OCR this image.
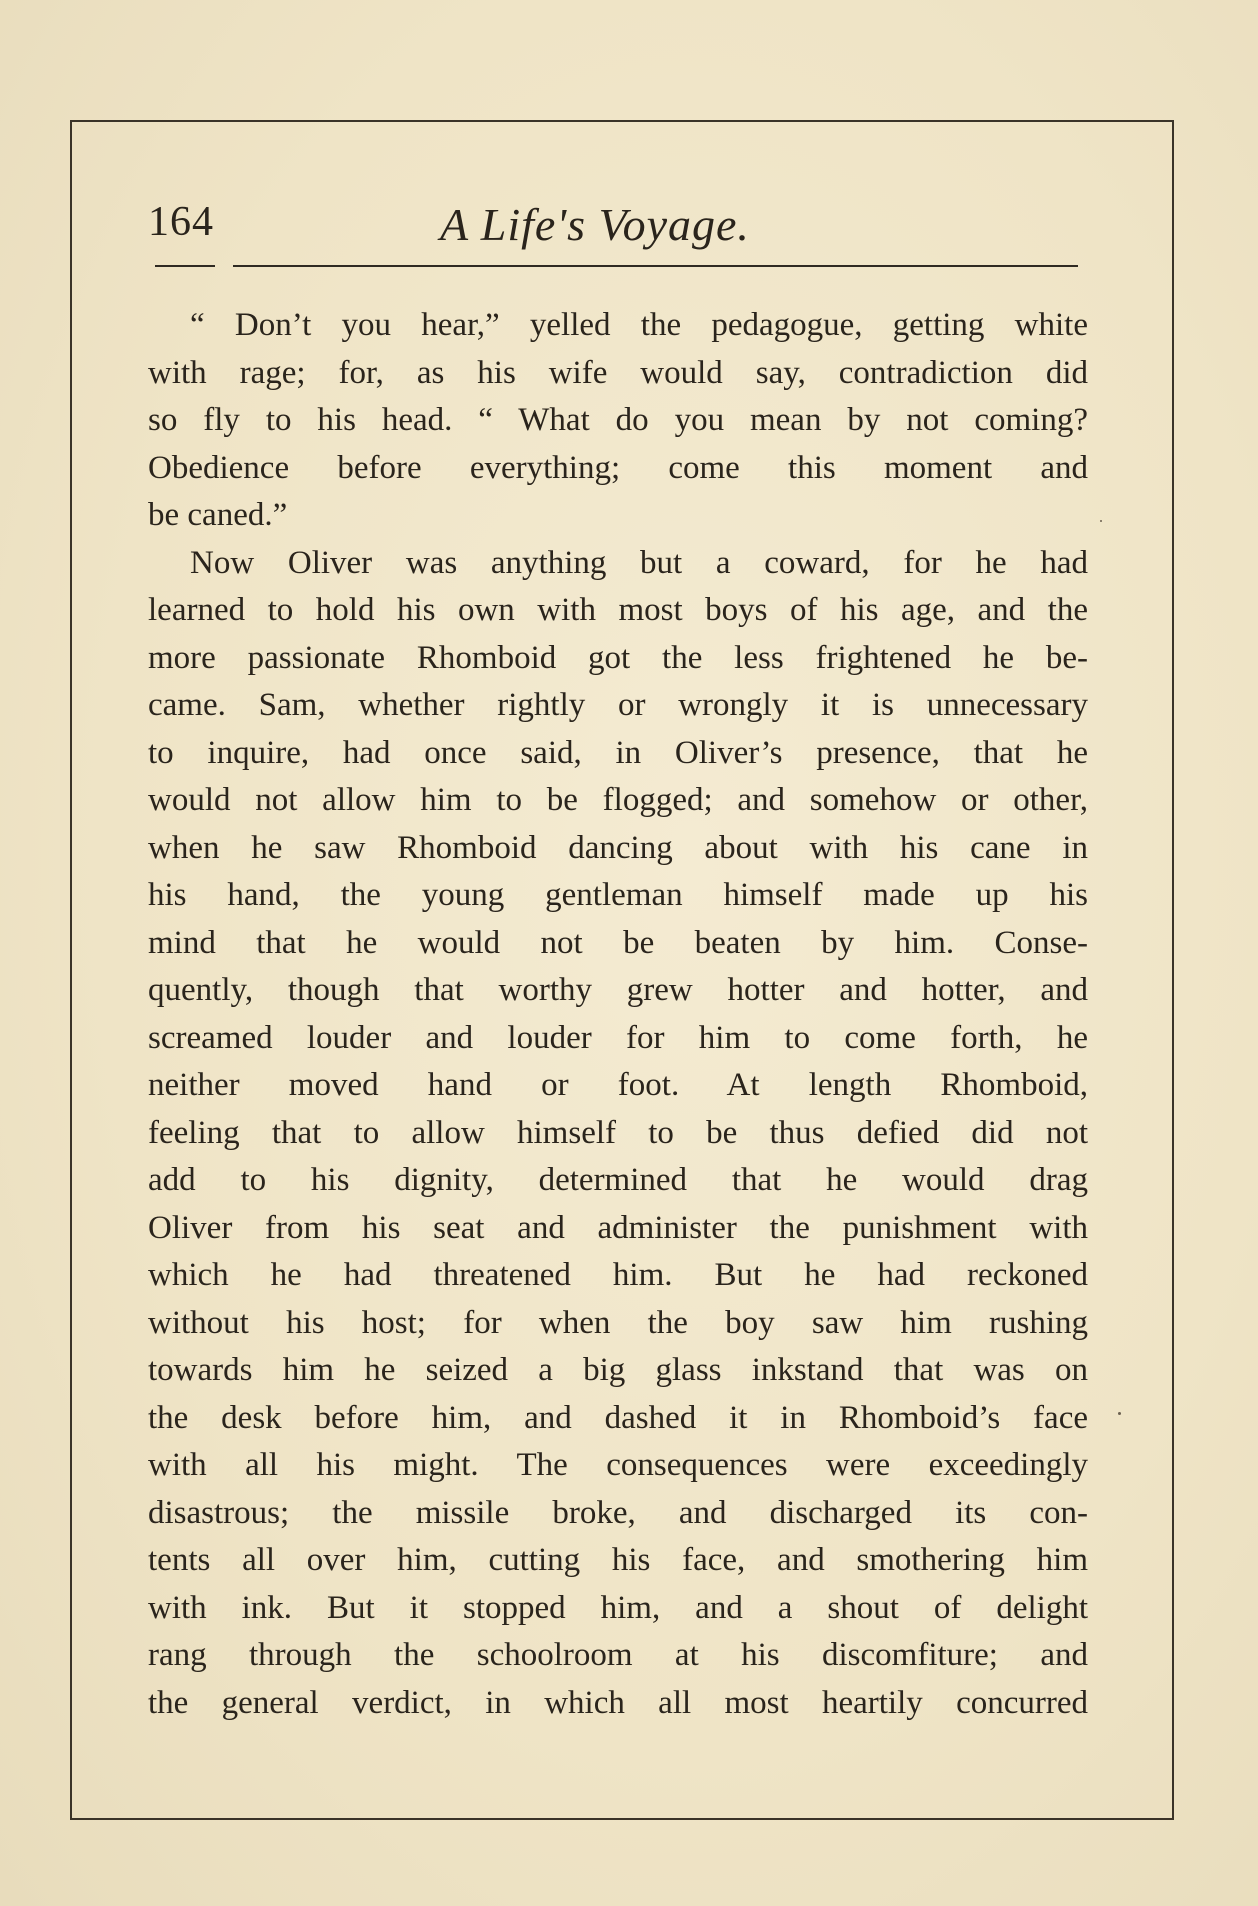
164	A Life's Voyage.
“ Don’t you hear,” yelled the pedagogue, getting white
with rage; for, as his wife would say, contradiction did
so fly to his head. “ What do you mean by not coming?
Obedience before everything; come this moment and
be caned.”
Now Oliver was anything but a coward, for he had
learned to hold his own with most boys of his age, and the
more passionate Rhomboid got the less frightened he be-
came. Sam, whether rightly or wrongly it is unnecessary
to inquire, had once said, in Oliver’s presence, that he
would not allow him to be flogged; and somehow or other,
when he saw Rhomboid dancing about with his cane in
his hand, the young gentleman himself made up his
mind that he would not be beaten by him. Conse-
quently, though that worthy grew hotter and hotter, and
screamed louder and louder for him to come forth, he
neither moved hand or foot. At length Rhomboid,
feeling that to allow himself to be thus defied did not
add to his dignity, determined that he would drag
Oliver from his seat and administer the punishment with
which he had threatened him. But he had reckoned
without his host; for when the boy saw him rushing
towards him he seized a big glass inkstand that was on
the desk before him, and dashed it in Rhomboid’s face
with all his might. The consequences were exceedingly
disastrous; the missile broke, and discharged its con-
tents all over him, cutting his face, and smothering him
with ink. But it stopped him, and a shout of delight
rang through the schoolroom at his discomfiture; and
the general verdict, in which all most heartily concurred
